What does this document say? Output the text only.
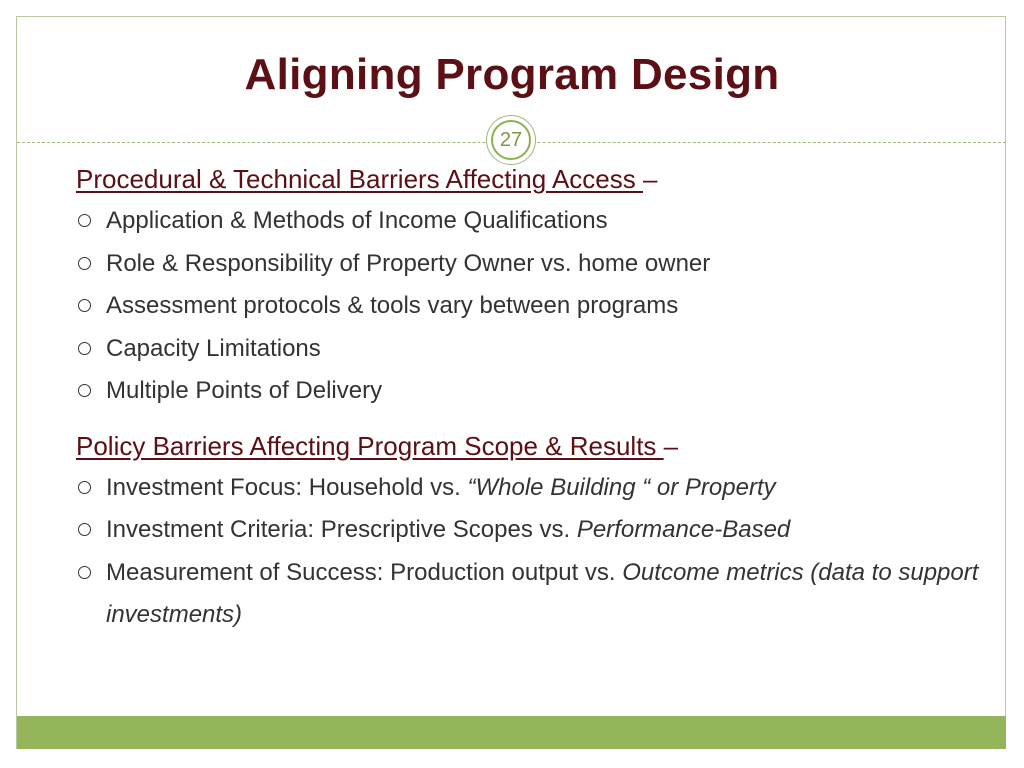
Aligning Program Design
27
Procedural & Technical Barriers Affecting Access –
Application & Methods of Income Qualifications
Role & Responsibility of Property Owner vs. home owner
Assessment protocols & tools vary between programs
Capacity Limitations
Multiple Points of Delivery
Policy Barriers Affecting Program Scope & Results –
Investment Focus: Household vs. “Whole Building “ or Property
Investment Criteria: Prescriptive Scopes vs. Performance-Based
Measurement of Success: Production output vs. Outcome metrics (data to support investments)
